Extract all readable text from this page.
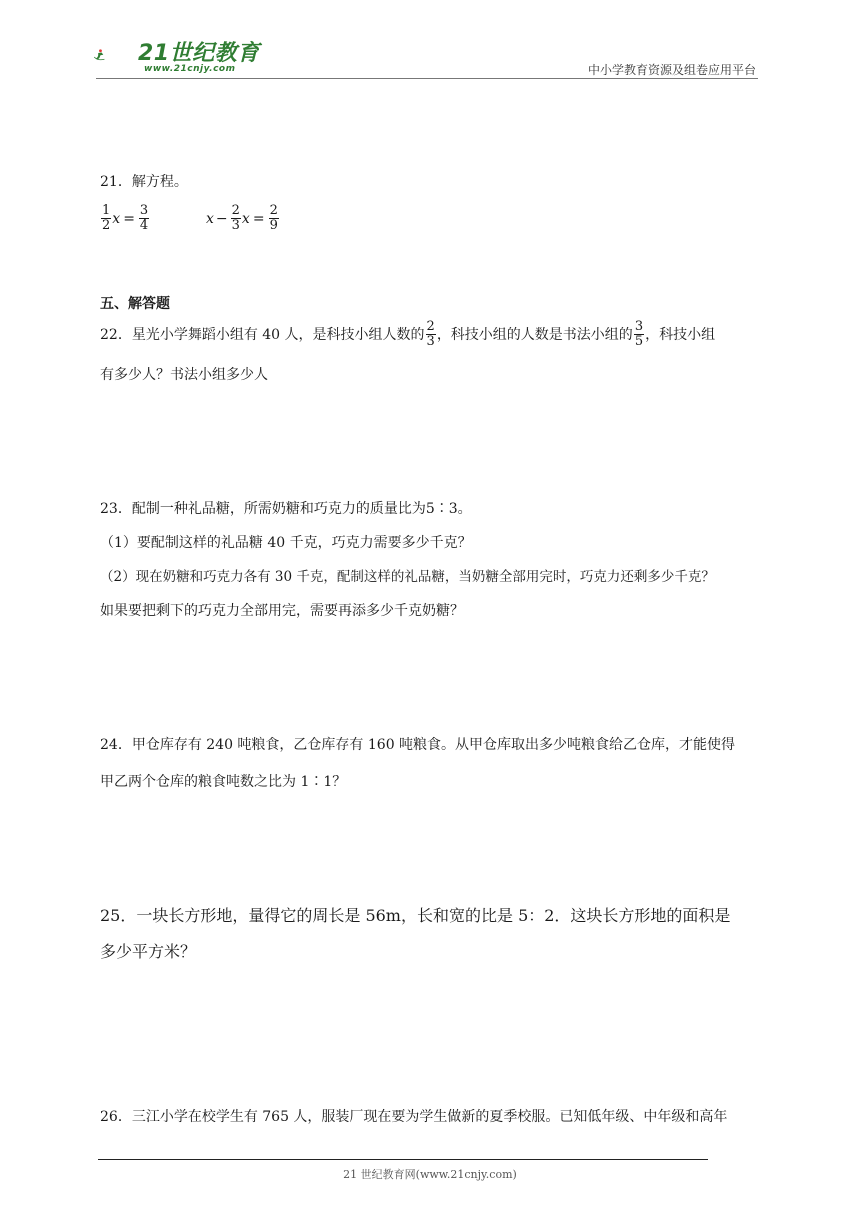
21世纪教育
www.21cnjy.com	中小学教育资源及组卷应用平台
21．解方程。
$\frac{1}{2}$ $x = \frac{3}{4}$	$x - \frac{2}{3}$ $x = \frac{2}{9}$
五、解答题
22．星光小学舞蹈小组有 40 人，是科技小组人数的 $\frac{2}{3}$ ，科技小组的人数是书法小组的 $\frac{3}{5}$ ，科技小组
有多少人？书法小组多少人
23．配制一种礼品糖，所需奶糖和巧克力的质量比为5∶3。
（1）要配制这样的礼品糖 40 千克，巧克力需要多少千克？
（2）现在奶糖和巧克力各有 30 千克，配制这样的礼品糖，当奶糖全部用完时，巧克力还剩多少千克？
如果要把剩下的巧克力全部用完，需要再添多少千克奶糖？
24．甲仓库存有 240 吨粮食，乙仓库存有 160 吨粮食。从甲仓库取出多少吨粮食给乙仓库，才能使得
甲乙两个仓库的粮食吨数之比为 1∶1？
25．一块长方形地，量得它的周长是 56m，长和宽的比是 5：2．这块长方形地的面积是
多少平方米？
26．三江小学在校学生有 765 人，服装厂现在要为学生做新的夏季校服。已知低年级、中年级和高年
21 世纪教育网(www.21cnjy.com)
